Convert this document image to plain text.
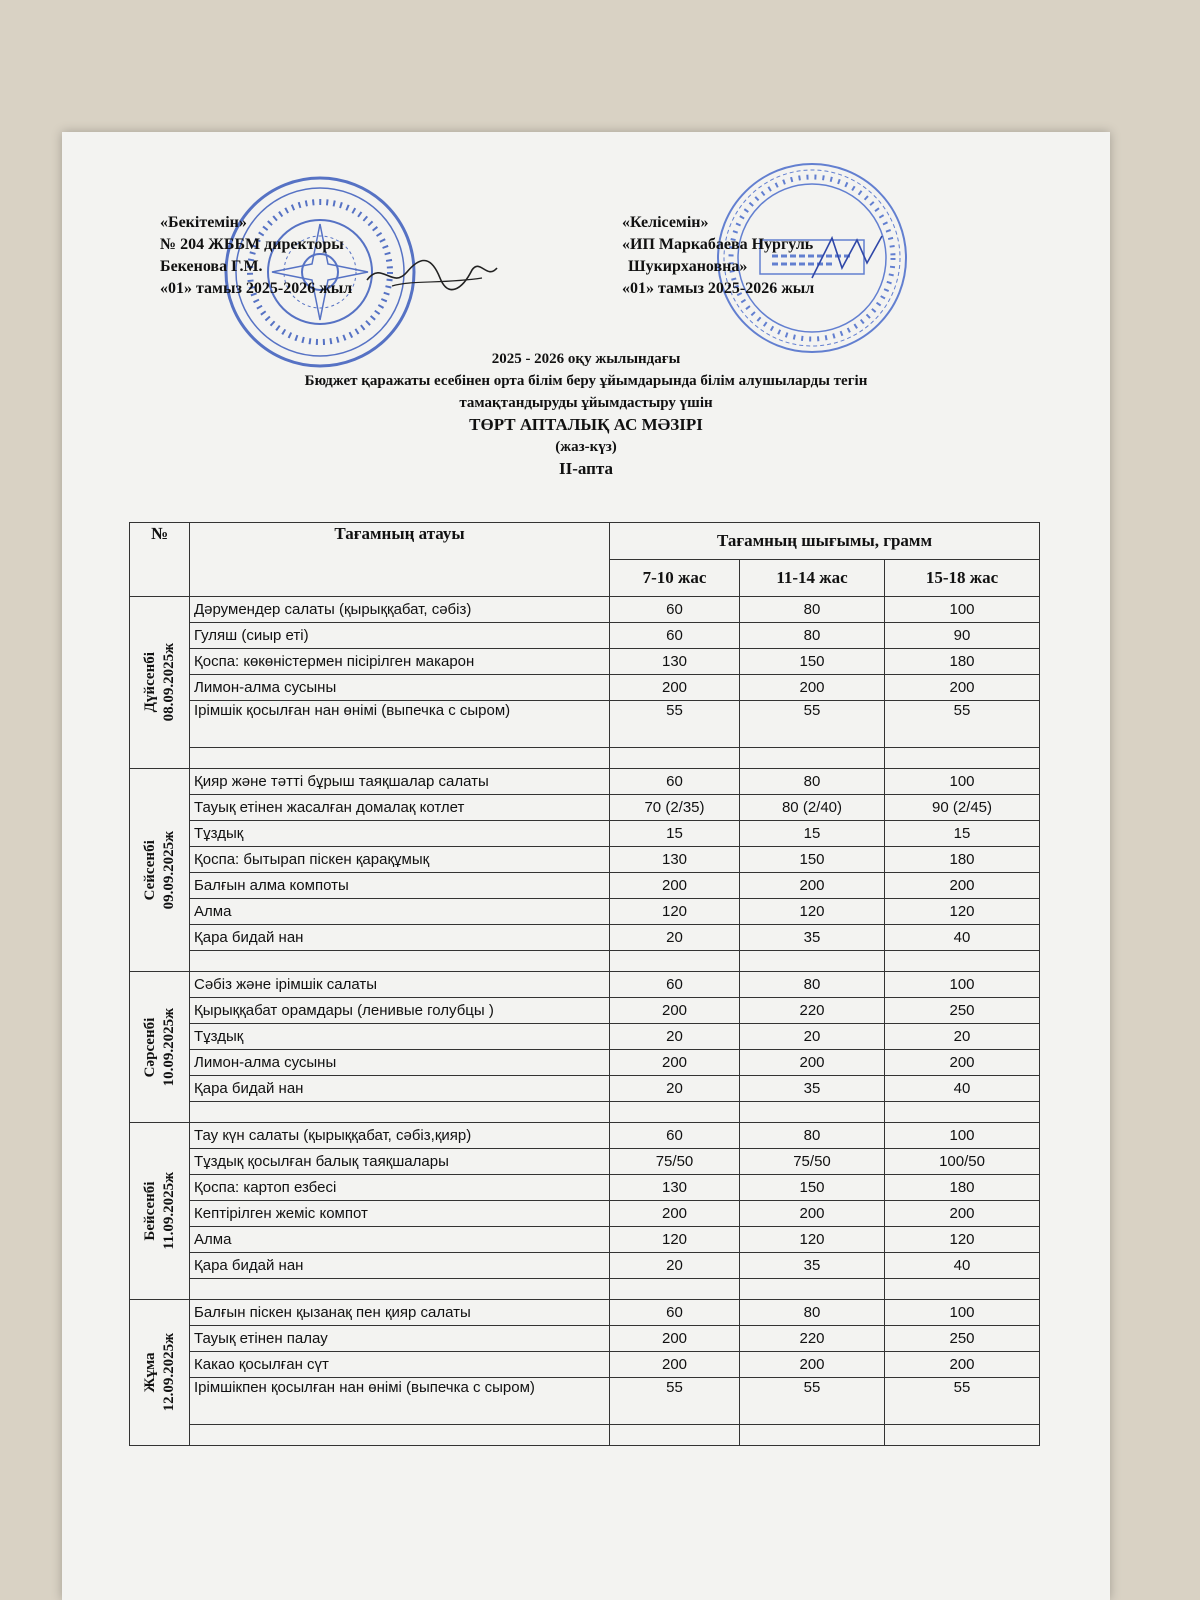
«Бекітемін»
№ 204 ЖББМ директоры
Бекенова Г.М.
«01» тамыз 2025-2026 жыл
«Келісемін»
«ИП Маркабаева Нургуль
Шукирхановна»
«01» тамыз 2025-2026 жыл
2025 - 2026 оқу жылындағы
Бюджет қаражаты есебінен орта білім беру ұйымдарында білім алушыларды тегін
тамақтандыруды ұйымдастыру үшін
ТӨРТ АПТАЛЫҚ АС МӘЗІРІ
(жаз-күз)
II-апта
№	Тағамның атауы	Тағамның шығымы, грамм		
		7-10 жас	11-14 жас	15-18 жас

Дүйсенбі 08.09.2025ж	Дәрумендер салаты (қырыққабат, сәбіз)	60	80	100
	Гуляш (сиыр еті)	60	80	90
	Қоспа: көкөністермен пісірілген макарон	130	150	180
	Лимон-алма сусыны	200	200	200
	Ірімшік қосылған нан өнімі (выпечка с сыром)	55	55	55

Сейсенбі 09.09.2025ж	Қияр және тәтті бұрыш таяқшалар салаты	60	80	100
	Тауық етінен жасалған домалақ котлет	70 (2/35)	80 (2/40)	90 (2/45)
	Тұздық	15	15	15
	Қоспа: бытырап піскен қарақұмық	130	150	180
	Балғын алма компоты	200	200	200
	Алма	120	120	120
	Қара бидай нан	20	35	40

Сәрсенбі 10.09.2025ж	Сәбіз және ірімшік салаты	60	80	100
	Қырыққабат орамдары (ленивые голубцы )	200	220	250
	Тұздық	20	20	20
	Лимон-алма сусыны	200	200	200
	Қара бидай нан	20	35	40

Бейсенбі 11.09.2025ж	Тау күн салаты (қырыққабат, сәбіз,қияр)	60	80	100
	Тұздық қосылған балық таяқшалары	75/50	75/50	100/50
	Қоспа: картоп езбесі	130	150	180
	Кептірілген жеміс компот	200	200	200
	Алма	120	120	120
	Қара бидай нан	20	35	40

Жұма 12.09.2025ж	Балғын піскен қызанақ пен қияр салаты	60	80	100
	Тауық етінен палау	200	220	250
	Какао қосылған сүт	200	200	200
	Ірімшікпен қосылған нан өнімі (выпечка с сыром)	55	55	55
